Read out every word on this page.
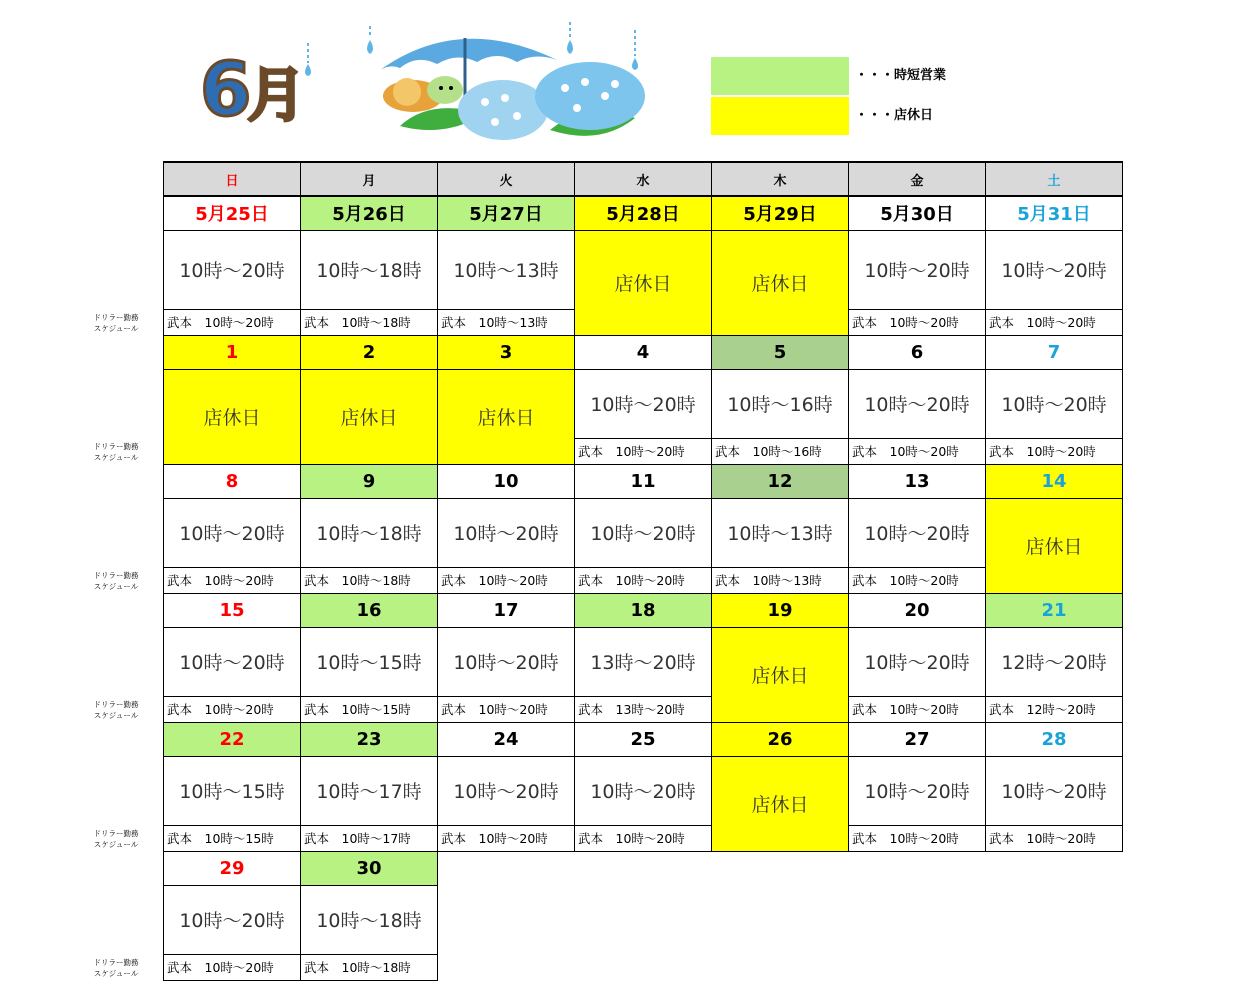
6月	・・・時短営業
・・・店休日
日	月	火	水	木	金	土
5月25日	5月26日	5月27日	5月28日	5月29日	5月30日	5月31日
10時〜20時	10時〜18時	10時〜13時	店休日	店休日	10時〜20時	10時〜20時
武本　10時〜20時	武本　10時〜18時	武本　10時〜13時			武本　10時〜20時	武本　10時〜20時
1	2	3	4	5	6	7
店休日	店休日	店休日	10時〜20時	10時〜16時	10時〜20時	10時〜20時
			武本　10時〜20時	武本　10時〜16時	武本　10時〜20時	武本　10時〜20時
8	9	10	11	12	13	14
10時〜20時	10時〜18時	10時〜20時	10時〜20時	10時〜13時	10時〜20時	店休日
武本　10時〜20時	武本　10時〜18時	武本　10時〜20時	武本　10時〜20時	武本　10時〜13時	武本　10時〜20時	
15	16	17	18	19	20	21
10時〜20時	10時〜15時	10時〜20時	13時〜20時	店休日	10時〜20時	12時〜20時
武本　10時〜20時	武本　10時〜15時	武本　10時〜20時	武本　13時〜20時		武本　10時〜20時	武本　12時〜20時
22	23	24	25	26	27	28
10時〜15時	10時〜17時	10時〜20時	10時〜20時	店休日	10時〜20時	10時〜20時
武本　10時〜15時	武本　10時〜17時	武本　10時〜20時	武本　10時〜20時		武本　10時〜20時	武本　10時〜20時
29	30					
10時〜20時	10時〜18時					
武本　10時〜20時	武本　10時〜18時					
ドリラー勤務
スケジュール
ドリラー勤務
スケジュール
ドリラー勤務
スケジュール
ドリラー勤務
スケジュール
ドリラー勤務
スケジュール
ドリラー勤務
スケジュール
